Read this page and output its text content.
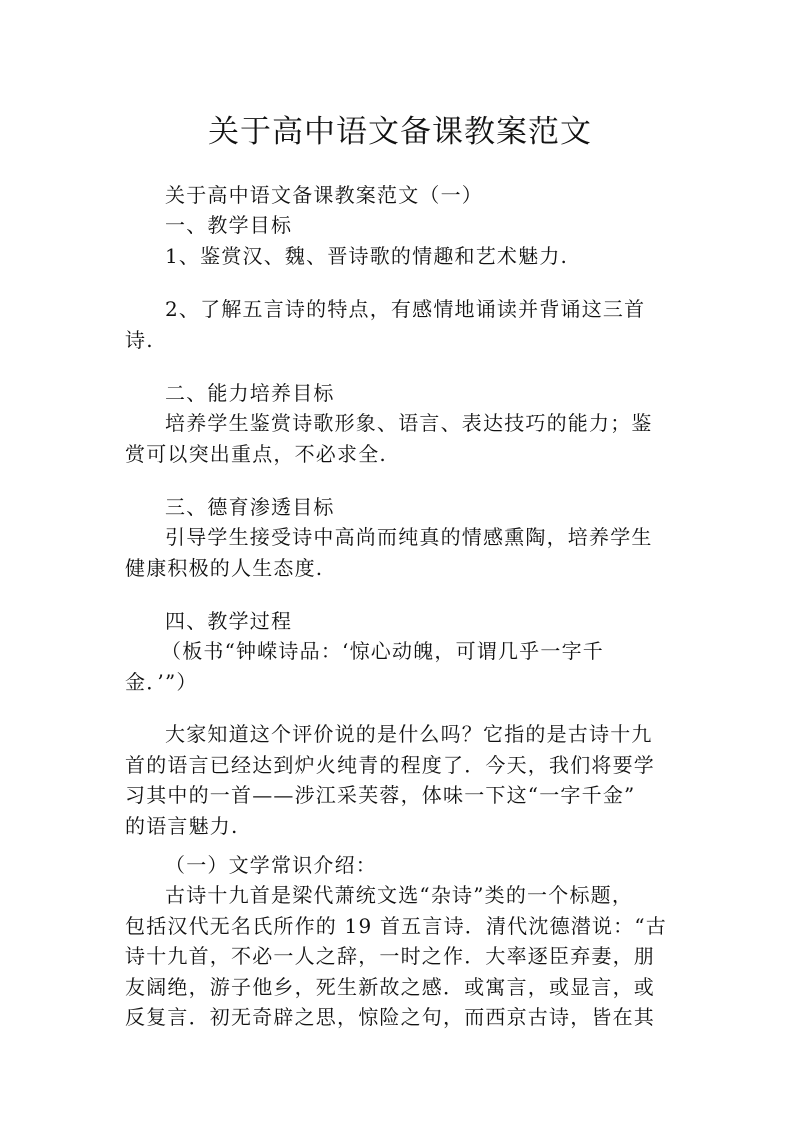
关于高中语文备课教案范文
关于高中语文备课教案范文（一）
一、教学目标
1、鉴赏汉、魏、晋诗歌的情趣和艺术魅力.
2、了解五言诗的特点，有感情地诵读并背诵这三首
诗.
二、能力培养目标
培养学生鉴赏诗歌形象、语言、表达技巧的能力；鉴
赏可以突出重点，不必求全.
三、德育渗透目标
引导学生接受诗中高尚而纯真的情感熏陶，培养学生
健康积极的人生态度.
四、教学过程
（板书“钟嵘诗品：‘惊心动魄，可谓几乎一字千
金．’”）
大家知道这个评价说的是什么吗？它指的是古诗十九
首的语言已经达到炉火纯青的程度了．今天，我们将要学
习其中的一首——涉江采芙蓉，体味一下这“一字千金”
的语言魅力.
（一）文学常识介绍：
古诗十九首是梁代萧统文选“杂诗”类的一个标题，
包括汉代无名氏所作的 19 首五言诗．清代沈德潜说：“古
诗十九首，不必一人之辞，一时之作．大率逐臣弃妻，朋
友阔绝，游子他乡，死生新故之感．或寓言，或显言，或
反复言．初无奇辟之思，惊险之句，而西京古诗，皆在其
